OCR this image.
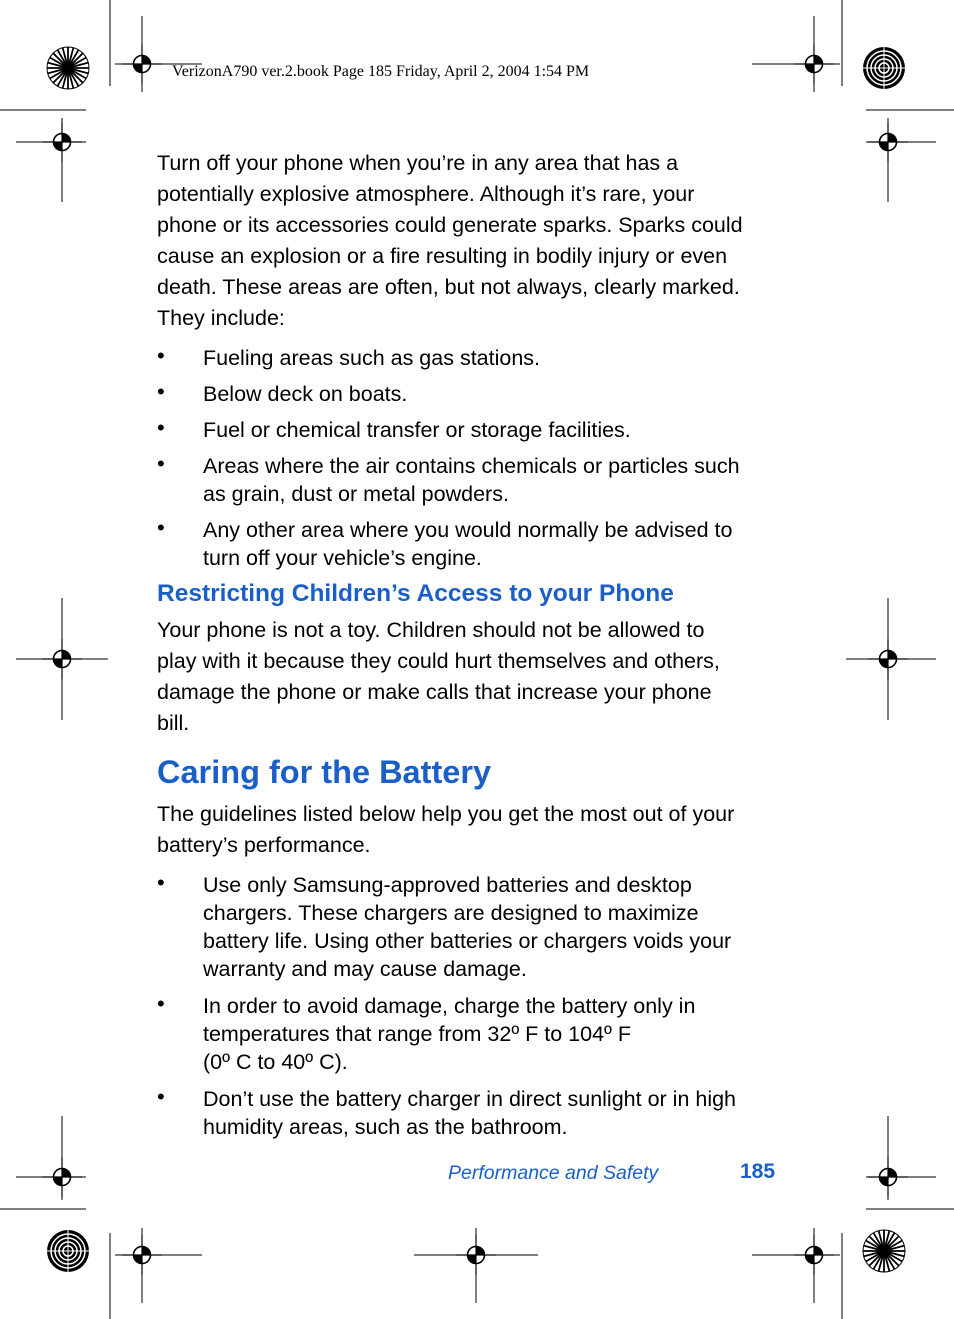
VerizonA790 ver.2.book Page 185 Friday, April 2, 2004 1:54 PM

Turn off your phone when you’re in any area that has a
potentially explosive atmosphere. Although it’s rare, your
phone or its accessories could generate sparks. Sparks could
cause an explosion or a fire resulting in bodily injury or even
death. These areas are often, but not always, clearly marked.
They include:

• Fueling areas such as gas stations.
• Below deck on boats.
• Fuel or chemical transfer or storage facilities.
• Areas where the air contains chemicals or particles such
as grain, dust or metal powders.
• Any other area where you would normally be advised to
turn off your vehicle’s engine.
Restricting Children’s Access to your Phone

Your phone is not a toy. Children should not be allowed to
play with it because they could hurt themselves and others,
damage the phone or make calls that increase your phone
bill.

Caring for the Battery

The guidelines listed below help you get the most out of your
battery’s performance.

• Use only Samsung-approved batteries and desktop
chargers. These chargers are designed to maximize
battery life. Using other batteries or chargers voids your
warranty and may cause damage.
• In order to avoid damage, charge the battery only in
temperatures that range from 32º F to 104º F
(0º C to 40º C).
• Don’t use the battery charger in direct sunlight or in high
humidity areas, such as the bathroom.
Performance and Safety	185
